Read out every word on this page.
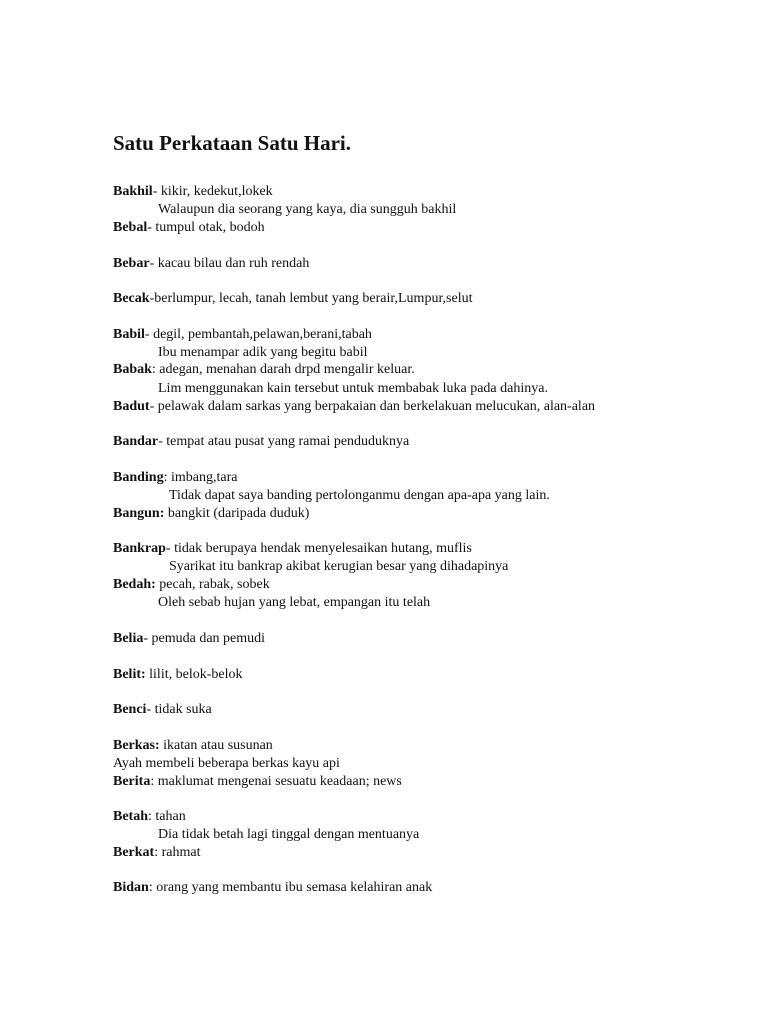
Satu Perkataan Satu Hari.
Bakhil- kikir, kedekut,lokek
Walaupun dia seorang yang kaya, dia sungguh bakhil
Bebal- tumpul otak, bodoh
Bebar- kacau bilau dan ruh rendah
Becak-berlumpur, lecah, tanah lembut yang berair,Lumpur,selut
Babil- degil, pembantah,pelawan,berani,tabah
Ibu menampar adik yang begitu babil
Babak: adegan, menahan darah drpd mengalir keluar.
Lim menggunakan kain tersebut untuk membabak luka pada dahinya.
Badut- pelawak dalam sarkas yang berpakaian dan berkelakuan melucukan, alan-alan
Bandar- tempat atau pusat yang ramai penduduknya
Banding: imbang,tara
Tidak dapat saya banding pertolonganmu dengan apa-apa yang lain.
Bangun: bangkit (daripada duduk)
Bankrap- tidak berupaya hendak menyelesaikan hutang, muflis
Syarikat itu bankrap akibat kerugian besar yang dihadapinya
Bedah: pecah, rabak, sobek
Oleh sebab hujan yang lebat, empangan itu telah
Belia- pemuda dan pemudi
Belit: lilit, belok-belok
Benci- tidak suka
Berkas: ikatan atau susunan
Ayah membeli beberapa berkas kayu api
Berita: maklumat mengenai sesuatu keadaan; news
Betah: tahan
Dia tidak betah lagi tinggal dengan mentuanya
Berkat: rahmat
Bidan: orang yang membantu ibu semasa kelahiran anak
